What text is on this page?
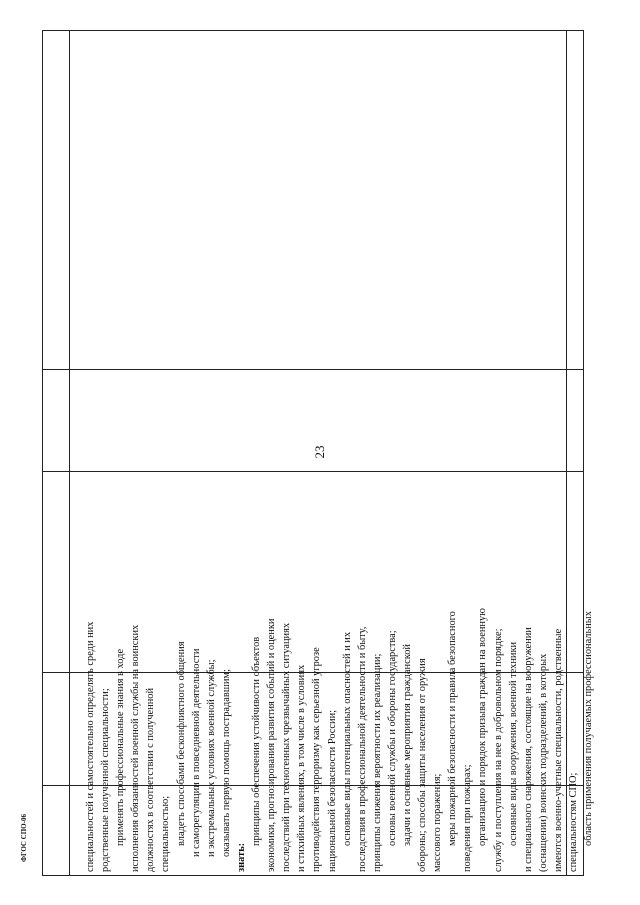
23
ФГОС СПО-06	специальностей и самостоятельно определять среди них родственные полученной специальности; применять профессиональные знания в ходе исполнения обязанностей военной службы на воинских должностях в соответствии с полученной специальностью; владеть способами бесконфликтного общения и саморегуляции в повседневной деятельности и экстремальных условиях военной службы; оказывать первую помощь пострадавшим;

знать:

принципы обеспечения устойчивости объектов экономики, прогнозирования развития событий и оценки последствий при техногенных чрезвычайных ситуациях и стихийных явлениях, в том числе в условиях противодействия терроризму как серьезной угрозе национальной безопасности России; основные виды потенциальных опасностей и их последствия в профессиональной деятельности и быту, принципы снижения вероятности их реализации; основы военной службы и обороны государства; задачи и основные мероприятия гражданской обороны; способы защиты населения от оружия массового поражения; меры пожарной безопасности и правила безопасного поведения при пожарах; организацию и порядок призыва граждан на военную службу и поступления на нее в добровольном порядке; основные виды вооружения, военной техники и специального снаряжения, состоящие на вооружении (оснащении) воинских подразделений, в которых имеются военно-учетные специальности, родственные специальностям СПО; область применения получаемых профессиональных
